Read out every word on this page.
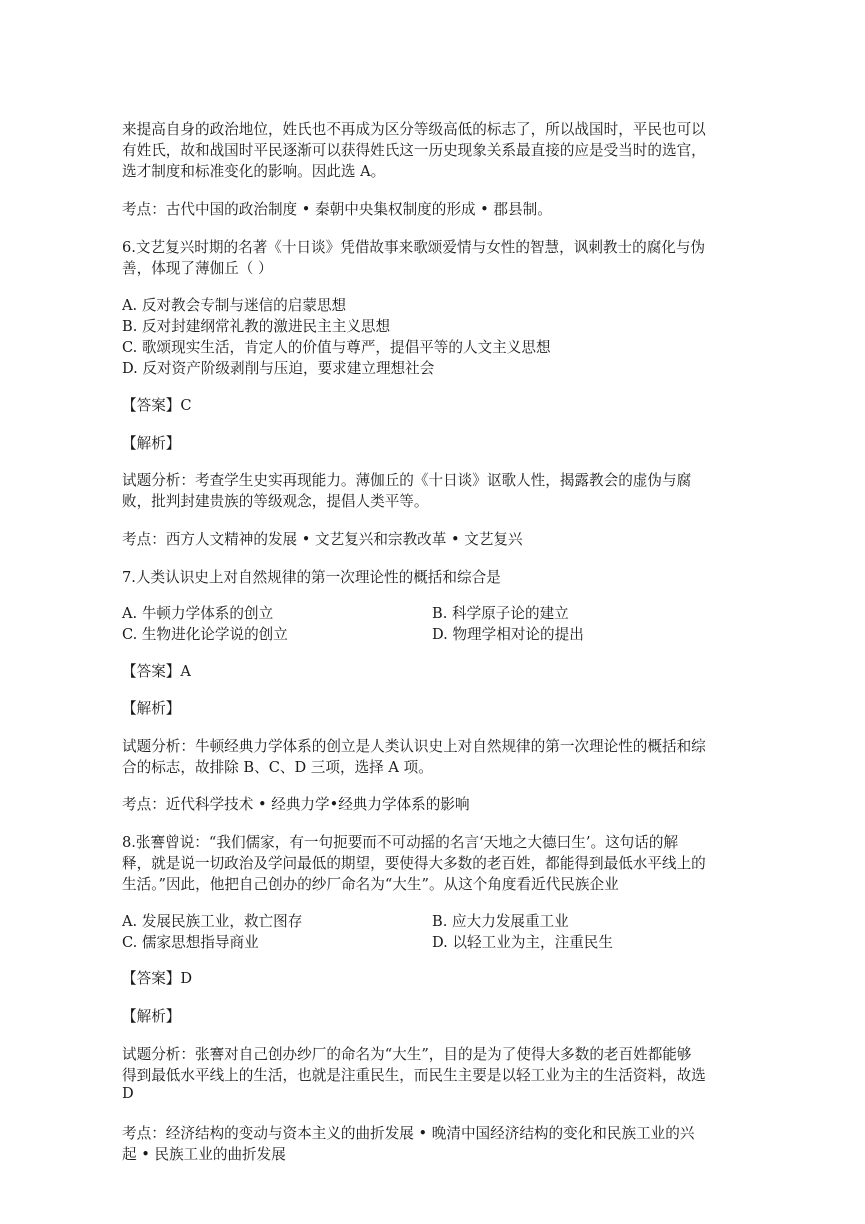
来提高自身的政治地位，姓氏也不再成为区分等级高低的标志了，所以战国时，平民也可以
有姓氏，故和战国时平民逐渐可以获得姓氏这一历史现象关系最直接的应是受当时的选官，
选才制度和标准变化的影响。因此选 A。
考点：古代中国的政治制度 • 秦朝中央集权制度的形成 • 郡县制。
6.文艺复兴时期的名著《十日谈》凭借故事来歌颂爱情与女性的智慧，讽刺教士的腐化与伪
善，体现了薄伽丘（ ）
A. 反对教会专制与迷信的启蒙思想
B. 反对封建纲常礼教的激进民主主义思想
C. 歌颂现实生活，肯定人的价值与尊严，提倡平等的人文主义思想
D. 反对资产阶级剥削与压迫，要求建立理想社会
【答案】C
【解析】
试题分析：考查学生史实再现能力。薄伽丘的《十日谈》讴歌人性，揭露教会的虚伪与腐
败，批判封建贵族的等级观念，提倡人类平等。
考点：西方人文精神的发展 • 文艺复兴和宗教改革 • 文艺复兴
7.人类认识史上对自然规律的第一次理论性的概括和综合是
A. 牛顿力学体系的创立	B. 科学原子论的建立
C. 生物进化论学说的创立	D. 物理学相对论的提出
【答案】A
【解析】
试题分析：牛顿经典力学体系的创立是人类认识史上对自然规律的第一次理论性的概括和综
合的标志，故排除 B、C、D 三项，选择 A 项。
考点：近代科学技术 • 经典力学•经典力学体系的影响
8.张謇曾说：“我们儒家，有一句扼要而不可动摇的名言‘天地之大德曰生’。这句话的解
释，就是说一切政治及学问最低的期望，要使得大多数的老百姓，都能得到最低水平线上的
生活。”因此，他把自己创办的纱厂命名为“大生”。从这个角度看近代民族企业
A. 发展民族工业，救亡图存	B. 应大力发展重工业
C. 儒家思想指导商业	D. 以轻工业为主，注重民生
【答案】D
【解析】
试题分析：张謇对自己创办纱厂的命名为“大生”，目的是为了使得大多数的老百姓都能够
得到最低水平线上的生活，也就是注重民生，而民生主要是以轻工业为主的生活资料，故选
D
考点：经济结构的变动与资本主义的曲折发展 • 晚清中国经济结构的变化和民族工业的兴
起 • 民族工业的曲折发展
